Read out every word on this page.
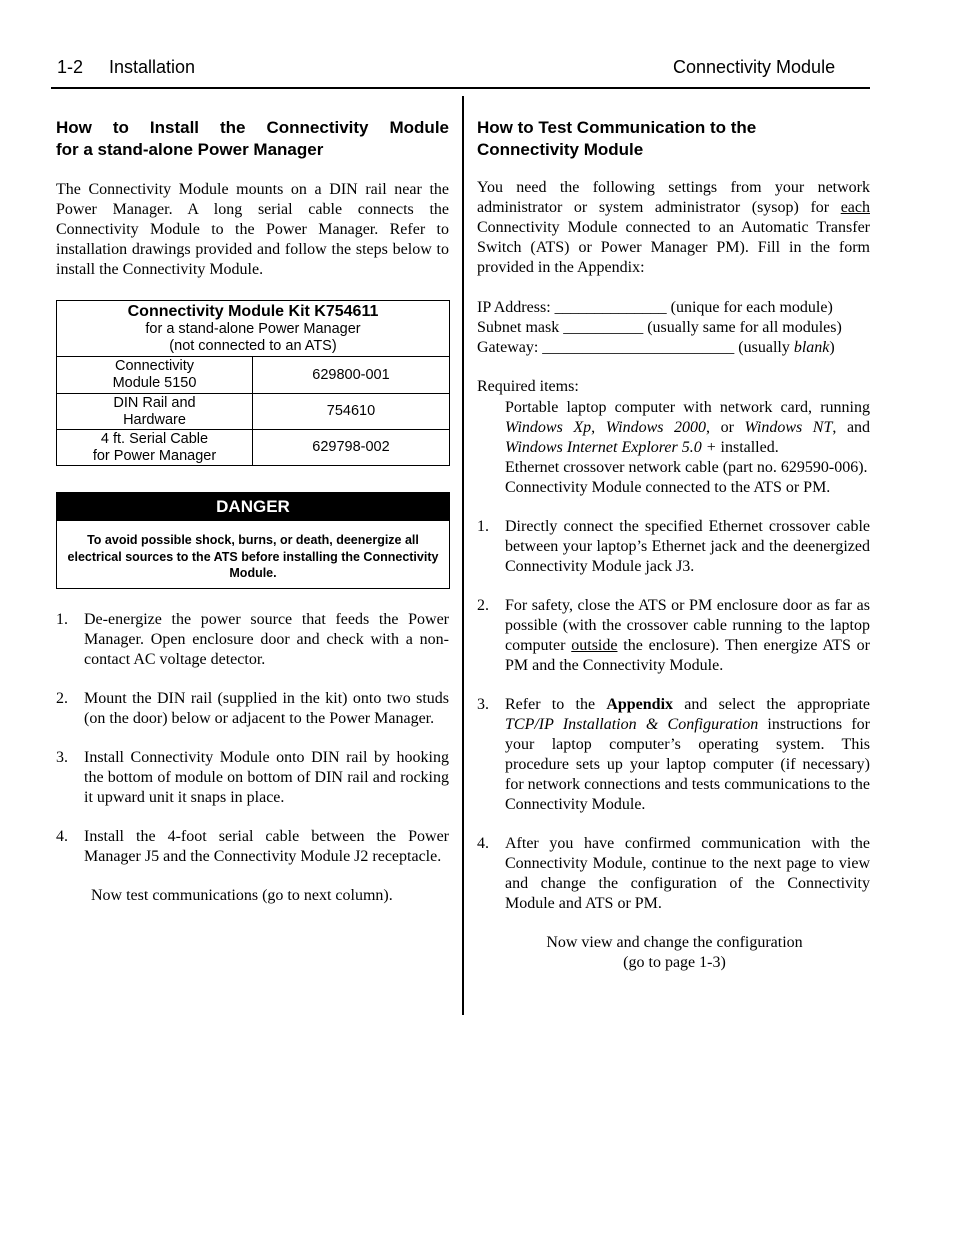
1-2 Installation	Connectivity Module
How to Install the Connectivity Module
for a stand-alone Power Manager

The Connectivity Module mounts on a DIN rail near the Power Manager. A long serial cable connects the Connectivity Module to the Power Manager. Refer to installation drawings provided and follow the steps below to install the Connectivity Module.

Connectivity Module Kit K754611
for a stand-alone Power Manager
(not connected to an ATS)	

Connectivity
Module 5150	629800-001

DIN Rail and
Hardware	754610

4 ft. Serial Cable
for Power Manager	629798-002
DANGER
To avoid possible shock, burns, or death, deenergize all electrical sources to the ATS before installing the Connectivity Module.
1. De-energize the power source that feeds the Power Manager. Open enclosure door and check with a non-contact AC voltage detector.
2. Mount the DIN rail (supplied in the kit) onto two studs (on the door) below or adjacent to the Power Manager.
3. Install Connectivity Module onto DIN rail by hooking the bottom of module on bottom of DIN rail and rocking it upward unit it snaps in place.
4. Install the 4-foot serial cable between the Power Manager J5 and the Connectivity Module J2 receptacle.
Now test communications (go to next column).
How to Test Communication to the
Connectivity Module

You need the following settings from your network administrator or system administrator (sysop) for each Connectivity Module connected to an Automatic Transfer Switch (ATS) or Power Manager PM). Fill in the form provided in the Appendix:

IP Address: ______________ (unique for each module)
Subnet mask __________ (usually same for all modules)
Gateway: ________________________ (usually blank)
Required items:
Portable laptop computer with network card, running Windows Xp, Windows 2000, or Windows NT, and Windows Internet Explorer 5.0 + installed.
Ethernet crossover network cable (part no. 629590-006).
Connectivity Module connected to the ATS or PM.
1. Directly connect the specified Ethernet crossover cable between your laptop’s Ethernet jack and the deenergized Connectivity Module jack J3.
2. For safety, close the ATS or PM enclosure door as far as possible (with the crossover cable running to the laptop computer outside the enclosure). Then energize ATS or PM and the Connectivity Module.
3. Refer to the Appendix and select the appropriate TCP/IP Installation & Configuration instructions for your laptop computer’s operating system. This procedure sets up your laptop computer (if necessary) for network connections and tests communications to the Connectivity Module.
4. After you have confirmed communication with the Connectivity Module, continue to the next page to view and change the configuration of the Connectivity Module and ATS or PM.
Now view and change the configuration
(go to page 1-3)
